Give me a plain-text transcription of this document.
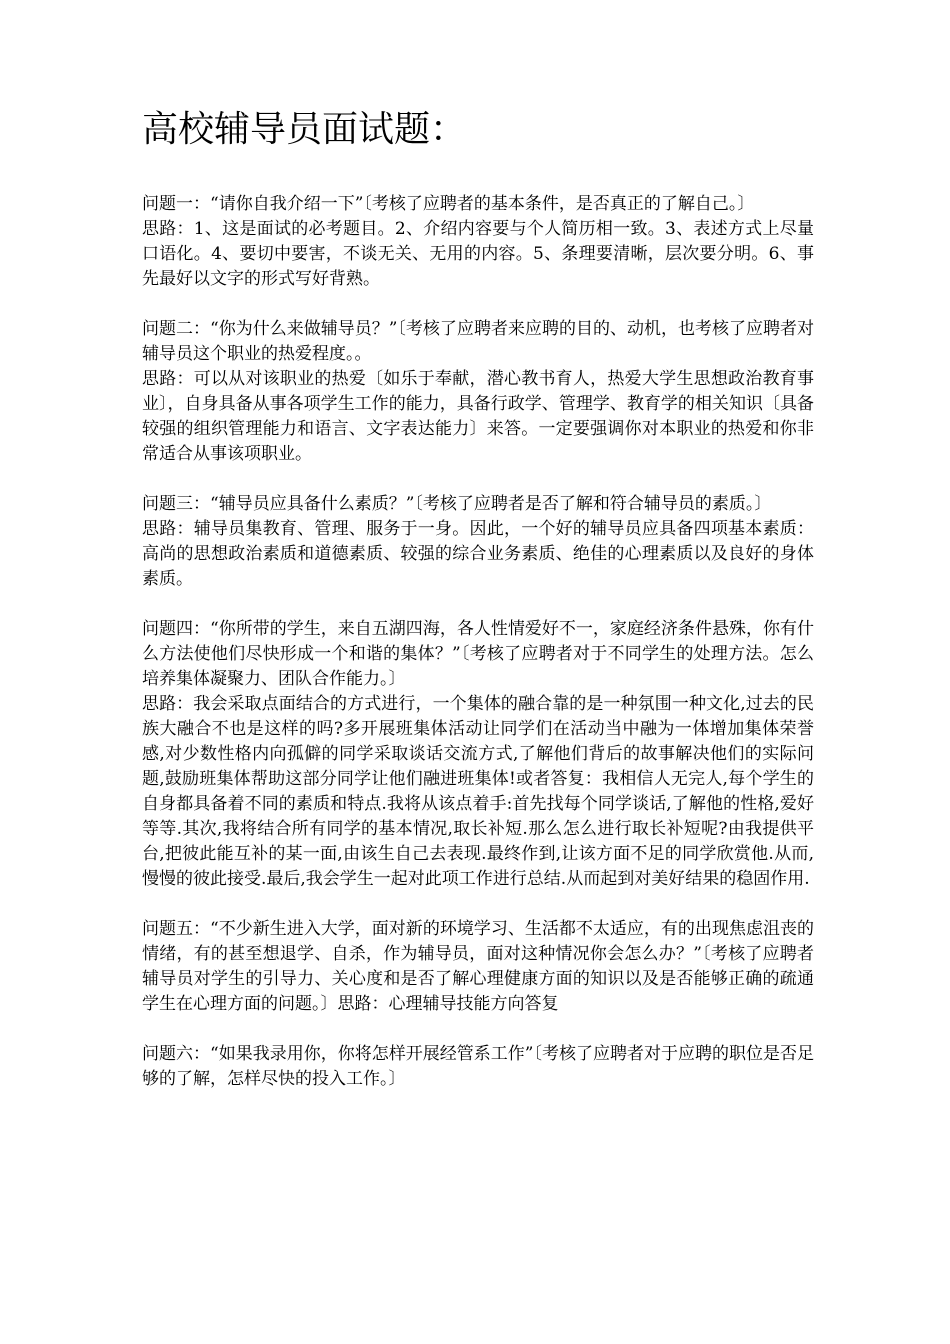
高校辅导员面试题：

问题一：“请你自我介绍一下”〔考核了应聘者的基本条件，是否真正的了解自己。〕

思路：1、这是面试的必考题目。2、介绍内容要与个人简历相一致。3、表述方式上尽量口语化。4、要切中要害，不谈无关、无用的内容。5、条理要清晰，层次要分明。6、事先最好以文字的形式写好背熟。

问题二：“你为什么来做辅导员？”〔考核了应聘者来应聘的目的、动机，也考核了应聘者对辅导员这个职业的热爱程度。。

思路：可以从对该职业的热爱〔如乐于奉献，潜心教书育人，热爱大学生思想政治教育事业〕，自身具备从事各项学生工作的能力，具备行政学、管理学、教育学的相关知识〔具备较强的组织管理能力和语言、文字表达能力〕来答。一定要强调你对本职业的热爱和你非常适合从事该项职业。

问题三：“辅导员应具备什么素质？”〔考核了应聘者是否了解和符合辅导员的素质。〕

思路：辅导员集教育、管理、服务于一身。因此，一个好的辅导员应具备四项基本素质：高尚的思想政治素质和道德素质、较强的综合业务素质、绝佳的心理素质以及良好的身体素质。

问题四：“你所带的学生，来自五湖四海，各人性情爱好不一，家庭经济条件悬殊，你有什么方法使他们尽快形成一个和谐的集体？”〔考核了应聘者对于不同学生的处理方法。怎么培养集体凝聚力、团队合作能力。〕

思路：我会采取点面结合的方式进行，一个集体的融合靠的是一种氛围一种文化,过去的民族大融合不也是这样的吗?多开展班集体活动让同学们在活动当中融为一体增加集体荣誉感,对少数性格内向孤僻的同学采取谈话交流方式,了解他们背后的故事解决他们的实际问题,鼓励班集体帮助这部分同学让他们融进班集体!或者答复：我相信人无完人,每个学生的自身都具备着不同的素质和特点.我将从该点着手:首先找每个同学谈话,了解他的性格,爱好等等.其次,我将结合所有同学的基本情况,取长补短.那么怎么进行取长补短呢?由我提供平台,把彼此能互补的某一面,由该生自己去表现.最终作到,让该方面不足的同学欣赏他.从而,慢慢的彼此接受.最后,我会学生一起对此项工作进行总结.从而起到对美好结果的稳固作用.

问题五：“不少新生进入大学，面对新的环境学习、生活都不太适应，有的出现焦虑沮丧的情绪，有的甚至想退学、自杀，作为辅导员，面对这种情况你会怎么办？”〔考核了应聘者辅导员对学生的引导力、关心度和是否了解心理健康方面的知识以及是否能够正确的疏通学生在心理方面的问题。〕思路：心理辅导技能方向答复

问题六：“如果我录用你，你将怎样开展经管系工作”〔考核了应聘者对于应聘的职位是否足够的了解，怎样尽快的投入工作。〕
